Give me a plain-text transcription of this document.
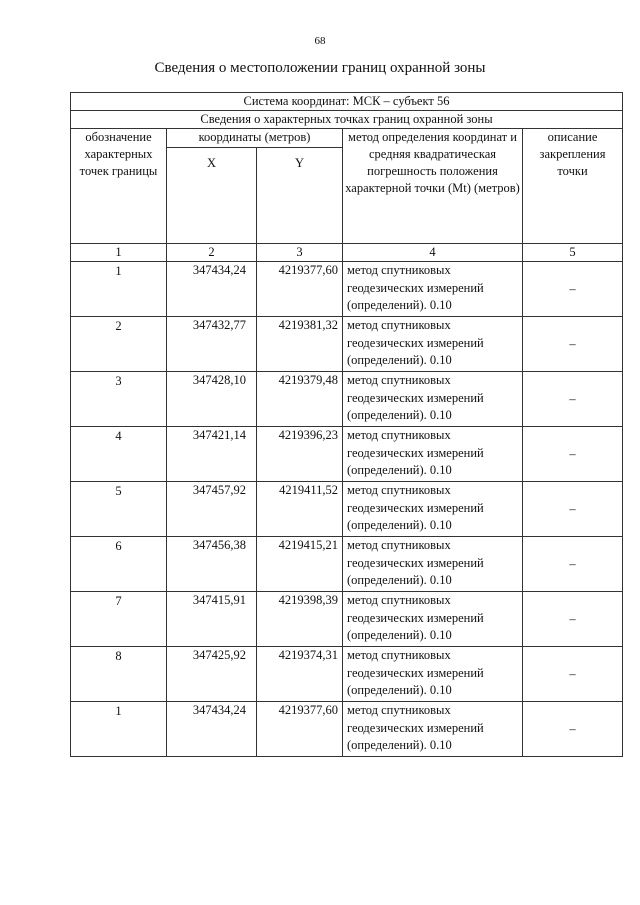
68
Сведения о местоположении границ охранной зоны
Система координат: МСК – субъект 56				
Сведения о характерных точках границ охранной зоны				
обозначение характерных точек границы	координаты (метров)		метод определения координат и средняя квадратическая погрешность положения характерной точки (Mt) (метров)	описание закрепления точки
	X	Y		
1	2	3	4	5
1	347434,24	4219377,60	метод спутниковых геодезических измерений (определений). 0.10	–
2	347432,77	4219381,32	метод спутниковых геодезических измерений (определений). 0.10	–
3	347428,10	4219379,48	метод спутниковых геодезических измерений (определений). 0.10	–
4	347421,14	4219396,23	метод спутниковых геодезических измерений (определений). 0.10	–
5	347457,92	4219411,52	метод спутниковых геодезических измерений (определений). 0.10	–
6	347456,38	4219415,21	метод спутниковых геодезических измерений (определений). 0.10	–
7	347415,91	4219398,39	метод спутниковых геодезических измерений (определений). 0.10	–
8	347425,92	4219374,31	метод спутниковых геодезических измерений (определений). 0.10	–
1	347434,24	4219377,60	метод спутниковых геодезических измерений (определений). 0.10	–
